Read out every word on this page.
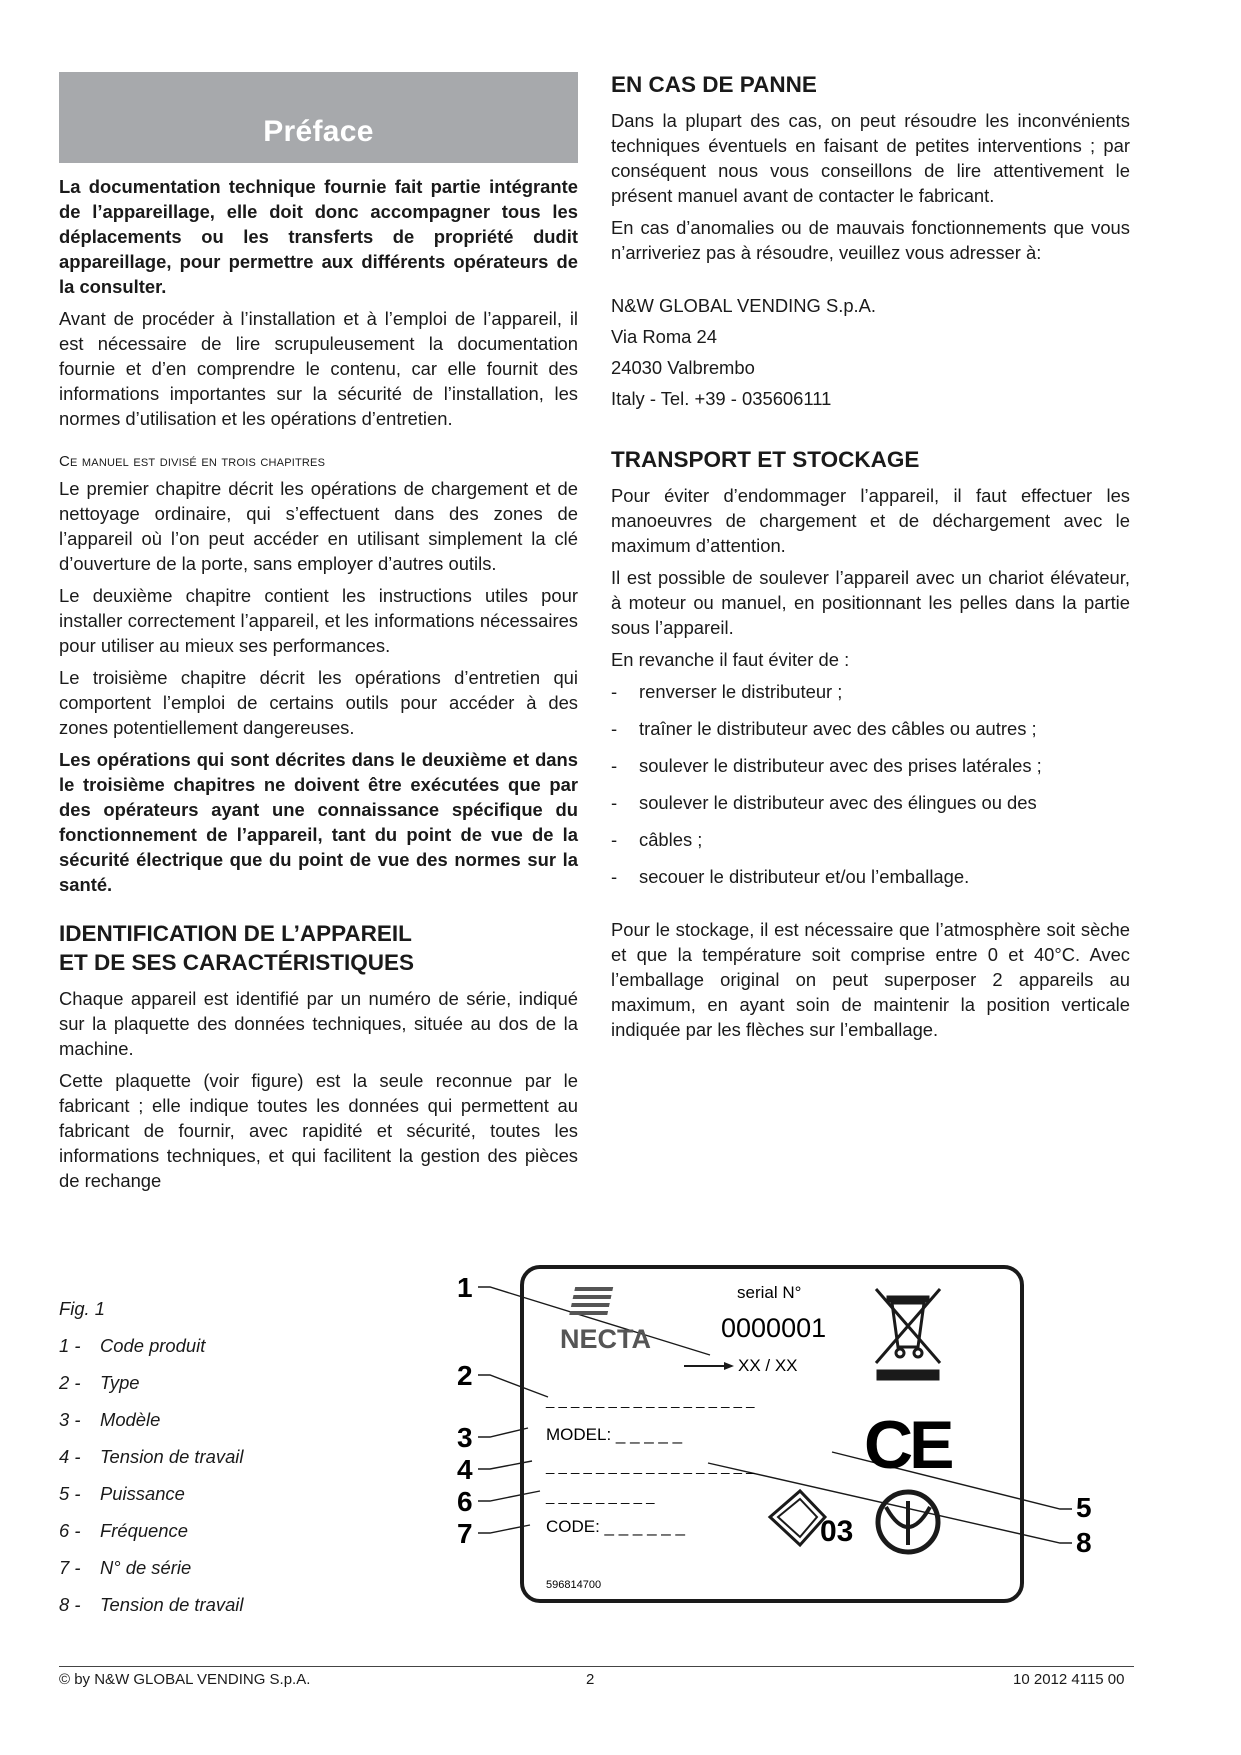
Préface

La documentation technique fournie fait partie intégrante de l’appareillage, elle doit donc accompagner tous les déplacements ou les transferts de propriété dudit appareillage, pour permettre aux différents opérateurs de la consulter.

Avant de procéder à l’installation et à l’emploi de l’appareil, il est nécessaire de lire scrupuleusement la documentation fournie et d’en comprendre le contenu, car elle fournit des informations importantes sur la sécurité de l’installation, les normes d’utilisation et les opérations d’entretien.

Ce manuel est divisé en trois chapitres

Le premier chapitre décrit les opérations de chargement et de nettoyage ordinaire, qui s’effectuent dans des zones de l’appareil où l’on peut accéder en utilisant simplement la clé d’ouverture de la porte, sans employer d’autres outils.

Le deuxième chapitre contient les instructions utiles pour installer correctement l’appareil, et les informations nécessaires pour utiliser au mieux ses performances.

Le troisième chapitre décrit les opérations d’entretien qui comportent l’emploi de certains outils pour accéder à des zones potentiellement dangereuses.

Les opérations qui sont décrites dans le deuxième et dans le troisième chapitres ne doivent être exécutées que par des opérateurs ayant une connaissance spécifique du fonctionnement de l’appareil, tant du point de vue de la sécurité électrique que du point de vue des normes sur la santé.

IDENTIFICATION DE L’APPAREIL
ET DE SES CARACTÉRISTIQUES

Chaque appareil est identifié par un numéro de série, indiqué sur la plaquette des données techniques, située au dos de la machine.

Cette plaquette (voir figure) est la seule reconnue par le fabricant ; elle indique toutes les données qui permettent au fabricant de fournir, avec rapidité et sécurité, toutes les informations techniques, et qui facilitent la gestion des pièces de rechange

EN CAS DE PANNE

Dans la plupart des cas, on peut résoudre les inconvénients techniques éventuels en faisant de petites interventions ; par conséquent nous vous conseillons de lire attentivement le présent manuel avant de contacter le fabricant.

En cas d’anomalies ou de mauvais fonctionnements que vous n’arriveriez pas à résoudre, veuillez vous adresser à:

N&W GLOBAL VENDING S.p.A.

Via Roma 24

24030 Valbrembo

Italy - Tel. +39 - 035606111

TRANSPORT ET STOCKAGE

Pour éviter d’endommager l’appareil, il faut effectuer les manoeuvres de chargement et de déchargement avec le maximum d’attention.

Il est possible de soulever l’appareil avec un chariot élévateur, à moteur ou manuel, en positionnant les pelles dans la partie sous l’appareil.

En revanche il faut éviter de :

-	renverser le distributeur ;
-	traîner le distributeur avec des câbles ou autres ;
-	soulever le distributeur avec des prises latérales ;
-	soulever le distributeur avec des élingues ou des
-	câbles ;
-	secouer le distributeur et/ou l’emballage.

Pour le stockage, il est nécessaire que l’atmosphère soit sèche et que la température soit comprise entre 0 et 40°C. Avec l’emballage original on peut superposer 2 appareils au maximum, en ayant soin de maintenir la position verticale indiquée par les flèches sur l’emballage.

Fig. 1
1 -	Code produit
2 -	Type
3 -	Modèle
4 -	Tension de travail
5 -	Puissance
6 -	Fréquence
7 -	N° de série
8 -	Tension de travail
1
2
3
4
6
7
5
8
NECTA
serial N°
0000001
XX / XX
_ _ _ _ _ _ _ _ _ _ _ _ _ _ _ _ _
MODEL: _ _ _ _ _
_ _ _ _ _ _ _ _ _ _ _ _ _ _ _ _ _
_ _ _ _ _ _ _ _ _
CODE: _ _ _ _ _ _
596814700
CE
03
© by N&W GLOBAL VENDING S.p.A.	2	10 2012 4115 00
